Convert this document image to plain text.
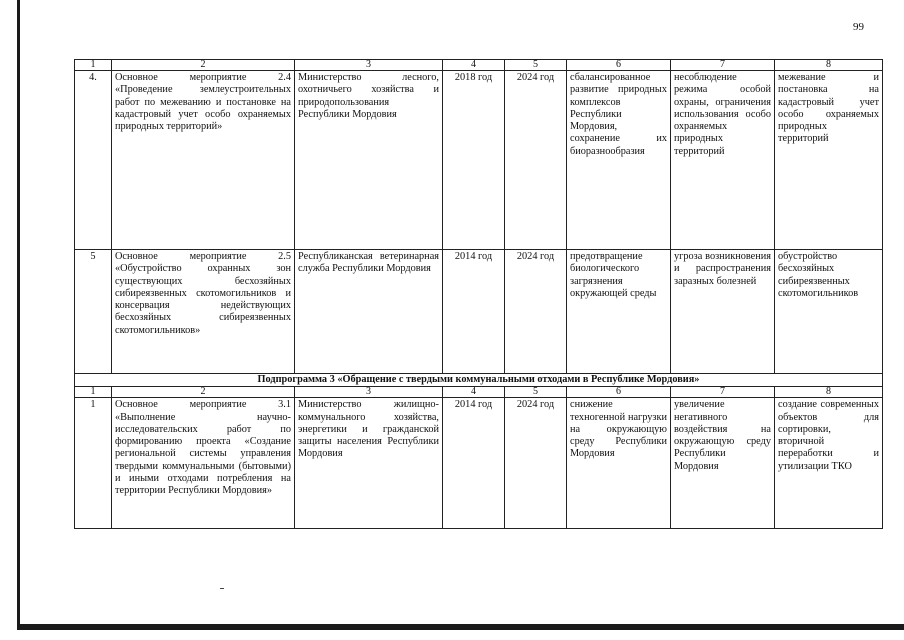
99
1	2	3	4	5	6	7	8
4.	Основное мероприятие 2.4 «Проведение землеустроительных работ по межеванию и постановке на кадастровый учет особо охраняемых природных территорий»	Министерство лесного, охотничьего хозяйства и природопользования Республики Мордовия	2018 год	2024 год	сбалансированное развитие природных комплексов Республики Мордовия, сохранение их биоразнообразия	несоблюдение режима особой охраны, ограничения использования особо охраняемых природных территорий	межевание и постановка на кадастровый учет особо охраняемых природных территорий
5	Основное мероприятие 2.5 «Обустройство охранных зон существующих бесхозяйных сибиреязвенных скотомогильников и консервация недействующих бесхозяйных сибиреязвенных скотомогильников»	Республиканская ветеринарная служба Республики Мордовия	2014 год	2024 год	предотвращение биологического загрязнения окружающей среды	угроза возникновения и распространения заразных болезней	обустройство бесхозяйных сибиреязвенных скотомогильников
Подпрограмма 3 «Обращение с твердыми коммунальными отходами в Республике Мордовия»							
1	2	3	4	5	6	7	8
1	Основное мероприятие 3.1 «Выполнение научно-исследовательских работ по формированию проекта «Создание региональной системы управления твердыми коммунальными (бытовыми) и иными отходами потребления на территории Республики Мордовия»	Министерство жилищно-коммунального хозяйства, энергетики и гражданской защиты населения Республики Мордовия	2014 год	2024 год	снижение техногенной нагрузки на окружающую среду Республики Мордовия	увеличение негативного воздействия на окружающую среду Республики Мордовия	создание современных объектов для сортировки, вторичной переработки и утилизации ТКО
